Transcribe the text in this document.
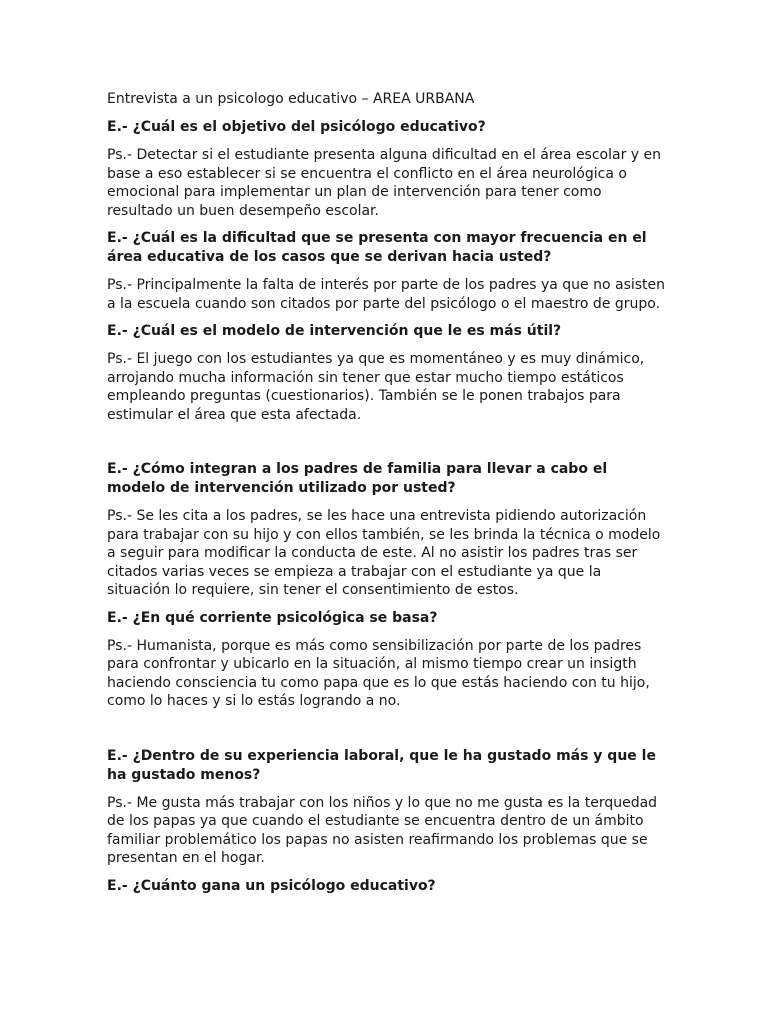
Entrevista a un psicologo educativo – AREA URBANA

E.- ¿Cuál es el objetivo del psicólogo educativo?

Ps.- Detectar si el estudiante presenta alguna dificultad en el área escolar y en base a eso establecer si se encuentra el conflicto en el área neurológica o emocional para implementar un plan de intervención para tener como resultado un buen desempeño escolar.

E.- ¿Cuál es la dificultad que se presenta con mayor frecuencia en el área educativa de los casos que se derivan hacia usted?

Ps.- Principalmente la falta de interés por parte de los padres ya que no asisten a la escuela cuando son citados por parte del psicólogo o el maestro de grupo.

E.- ¿Cuál es el modelo de intervención que le es más útil?

Ps.- El juego con los estudiantes ya que es momentáneo y es muy dinámico, arrojando mucha información sin tener que estar mucho tiempo estáticos empleando preguntas (cuestionarios). También se le ponen trabajos para estimular el área que esta afectada.

E.- ¿Cómo integran a los padres de familia para llevar a cabo el modelo de intervención utilizado por usted?

Ps.- Se les cita a los padres, se les hace una entrevista pidiendo autorización para trabajar con su hijo y con ellos también, se les brinda la técnica o modelo a seguir para modificar la conducta de este. Al no asistir los padres tras ser citados varias veces se empieza a trabajar con el estudiante ya que la situación lo requiere, sin tener el consentimiento de estos.

E.- ¿En qué corriente psicológica se basa?

Ps.- Humanista, porque es más como sensibilización por parte de los padres para confrontar y ubicarlo en la situación, al mismo tiempo crear un insigth haciendo consciencia tu como papa que es lo que estás haciendo con tu hijo, como lo haces y si lo estás logrando a no.

E.- ¿Dentro de su experiencia laboral, que le ha gustado más y que le ha gustado menos?

Ps.- Me gusta más trabajar con los niños y lo que no me gusta es la terquedad de los papas ya que cuando el estudiante se encuentra dentro de un ámbito familiar problemático los papas no asisten reafirmando los problemas que se presentan en el hogar.

E.- ¿Cuánto gana un psicólogo educativo?
